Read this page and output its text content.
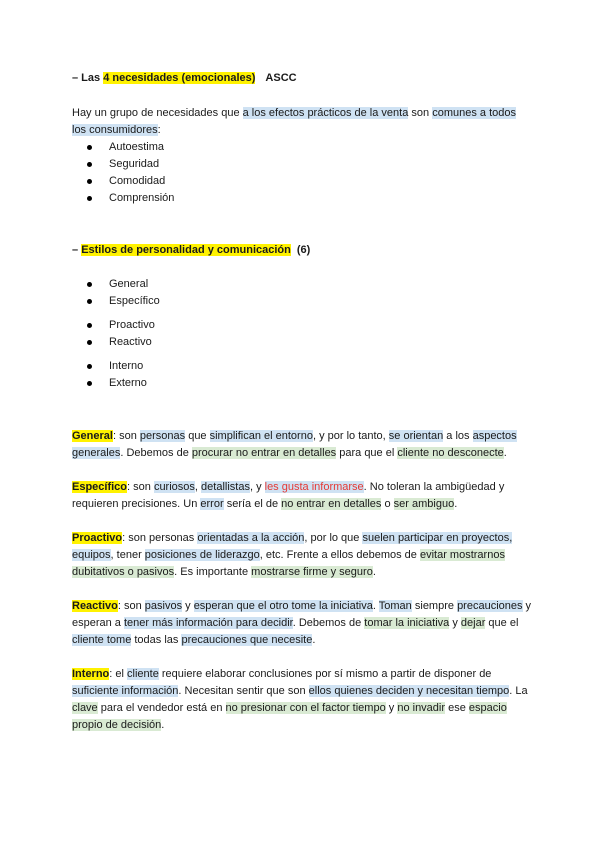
– Las 4 necesidades (emocionales) ASCC

Hay un grupo de necesidades que a los efectos prácticos de la venta son comunes a todos los consumidores:

Autoestima
Seguridad
Comodidad
Comprensión
– Estilos de personalidad y comunicación (6)
General
Específico
Proactivo
Reactivo
Interno
Externo
General: son personas que simplifican el entorno, y por lo tanto, se orientan a los aspectos generales. Debemos de procurar no entrar en detalles para que el cliente no desconecte.
Específico: son curiosos, detallistas, y les gusta informarse. No toleran la ambigüedad y requieren precisiones. Un error sería el de no entrar en detalles o ser ambiguo.
Proactivo: son personas orientadas a la acción, por lo que suelen participar en proyectos, equipos, tener posiciones de liderazgo, etc. Frente a ellos debemos de evitar mostrarnos dubitativos o pasivos. Es importante mostrarse firme y seguro.
Reactivo: son pasivos y esperan que el otro tome la iniciativa. Toman siempre precauciones y esperan a tener más información para decidir. Debemos de tomar la iniciativa y dejar que el cliente tome todas las precauciones que necesite.
Interno: el cliente requiere elaborar conclusiones por sí mismo a partir de disponer de suficiente información. Necesitan sentir que son ellos quienes deciden y necesitan tiempo. La clave para el vendedor está en no presionar con el factor tiempo y no invadir ese espacio propio de decisión.
